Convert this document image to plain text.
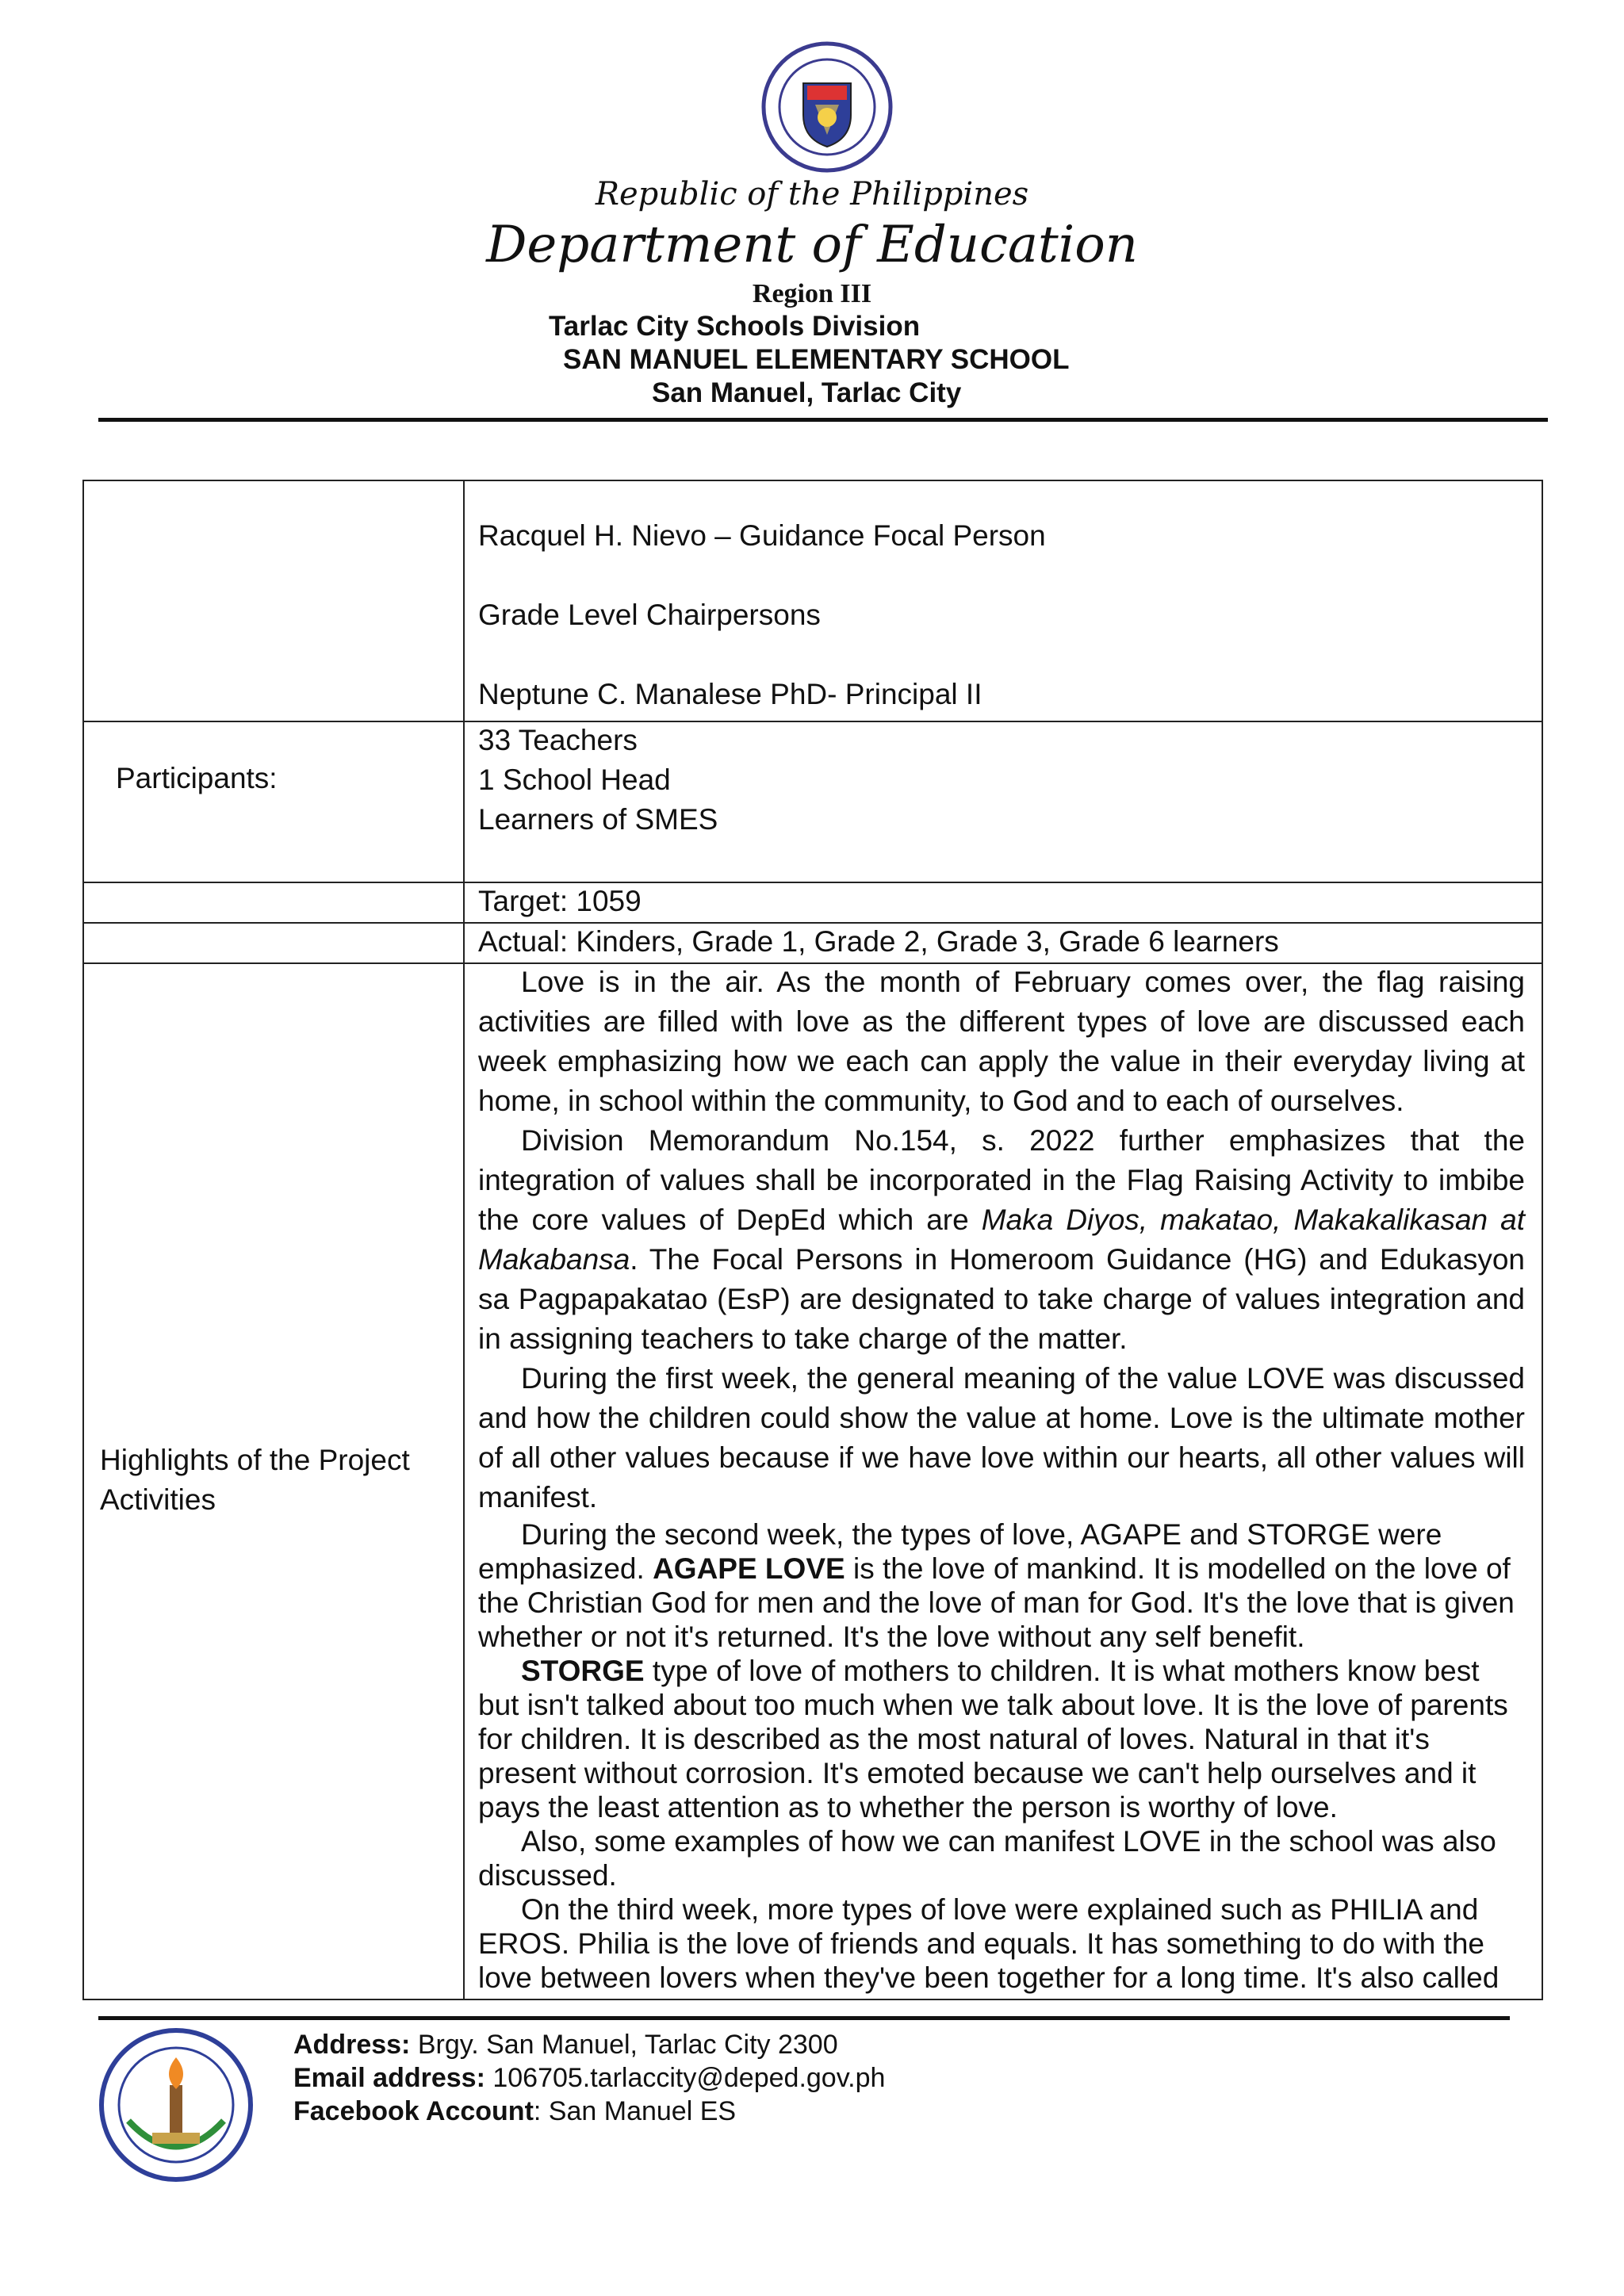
Republic of the Philippines
Department of Education
Region III
Tarlac City Schools Division
SAN MANUEL ELEMENTARY SCHOOL
San Manuel, Tarlac City
Racquel H. Nievo – Guidance Focal Person
Grade Level Chairpersons
Neptune C. Manalese PhD- Principal II
Participants:
33 Teachers
1 School Head
Learners of SMES
Target: 1059
Actual: Kinders, Grade 1, Grade 2, Grade 3, Grade 6 learners
Highlights of the Project Activities

Love is in the air. As the month of February comes over, the flag raising activities are filled with love as the different types of love are discussed each week emphasizing how we each can apply the value in their everyday living at home, in school within the community, to God and to each of ourselves.

Division Memorandum No.154, s. 2022 further emphasizes that the integration of values shall be incorporated in the Flag Raising Activity to imbibe the core values of DepEd which are Maka Diyos, makatao, Makakalikasan at Makabansa. The Focal Persons in Homeroom Guidance (HG) and Edukasyon sa Pagpapakatao (EsP) are designated to take charge of values integration and in assigning teachers to take charge of the matter.

During the first week, the general meaning of the value LOVE was discussed and how the children could show the value at home. Love is the ultimate mother of all other values because if we have love within our hearts, all other values will manifest.

During the second week, the types of love, AGAPE and STORGE were emphasized. AGAPE LOVE is the love of mankind. It is modelled on the love of the Christian God for men and the love of man for God. It's the love that is given whether or not it's returned. It's the love without any self benefit.

STORGE type of love of mothers to children. It is what mothers know best but isn't talked about too much when we talk about love. It is the love of parents for children. It is described as the most natural of loves. Natural in that it's present without corrosion. It's emoted because we can't help ourselves and it pays the least attention as to whether the person is worthy of love.

Also, some examples of how we can manifest LOVE in the school was also discussed.

On the third week, more types of love were explained such as PHILIA and EROS. Philia is the love of friends and equals. It has something to do with the love between lovers when they've been together for a long time. It's also called

Address: Brgy. San Manuel, Tarlac City 2300
Email address: 106705.tarlaccity@deped.gov.ph
Facebook Account: San Manuel ES
